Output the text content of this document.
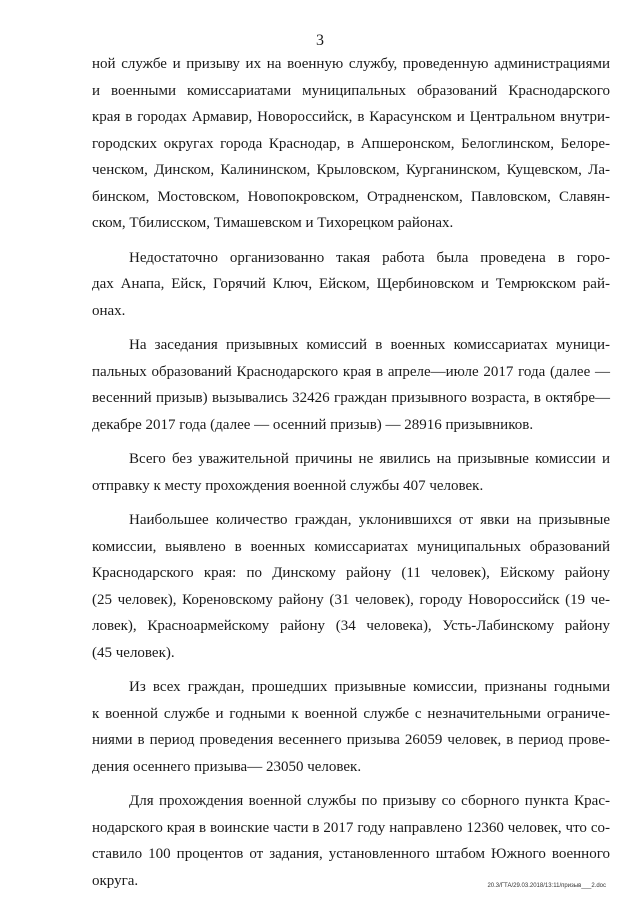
3

ной службе и призыву их на военную службу, проведенную администрациями
и военными комиссариатами муниципальных образований Краснодарского
края в городах Армавир, Новороссийск, в Карасунском и Центральном внутри-
городских округах города Краснодар, в Апшеронском, Белоглинском, Белоре-
ченском, Динском, Калининском, Крыловском, Курганинском, Кущевском, Ла-
бинском, Мостовском, Новопокровском, Отрадненском, Павловском, Славян-
ском, Тбилисском, Тимашевском и Тихорецком районах.

Недостаточно организованно такая работа была проведена в горо-
дах Анапа, Ейск, Горячий Ключ, Ейском, Щербиновском и Темрюкском рай-
онах.

На заседания призывных комиссий в военных комиссариатах муници-
пальных образований Краснодарского края в апреле—июле 2017 года (далее —
весенний призыв) вызывались 32426 граждан призывного возраста, в октябре—
декабре 2017 года (далее — осенний призыв) — 28916 призывников.

Всего без уважительной причины не явились на призывные комиссии и
отправку к месту прохождения военной службы 407 человек.

Наибольшее количество граждан, уклонившихся от явки на призывные
комиссии, выявлено в военных комиссариатах муниципальных образований
Краснодарского края: по Динскому району (11 человек), Ейскому району
(25 человек), Кореновскому району (31 человек), городу Новороссийск (19 че-
ловек), Красноармейскому району (34 человека), Усть-Лабинскому району
(45 человек).

Из всех граждан, прошедших призывные комиссии, признаны годными
к военной службе и годными к военной службе с незначительными ограниче-
ниями в период проведения весеннего призыва 26059 человек, в период прове-
дения осеннего призыва— 23050 человек.

Для прохождения военной службы по призыву со сборного пункта Крас-
нодарского края в воинские части в 2017 году направлено 12360 человек, что со-
ставило 100 процентов от задания, установленного штабом Южного военного
округа.	20.3/ГТА/29.03.2018/13:11/призыв___2.doc
